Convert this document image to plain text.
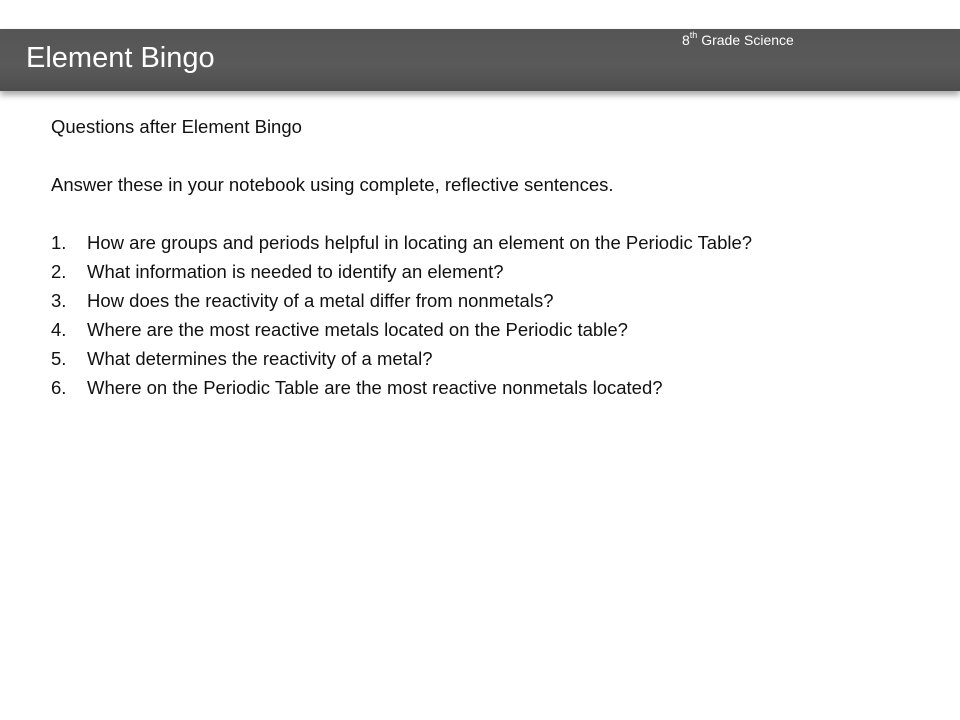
Element Bingo
8th Grade Science

Questions after Element Bingo

Answer these in your notebook using complete, reflective sentences.

1.	How are groups and periods helpful in locating an element on the Periodic Table?
2.	What information is needed to identify an element?
3.	How does the reactivity of a metal differ from nonmetals?
4.	Where are the most reactive metals located on the Periodic table?
5.	What determines the reactivity of a metal?
6.	Where on the Periodic Table are the most reactive nonmetals located?
